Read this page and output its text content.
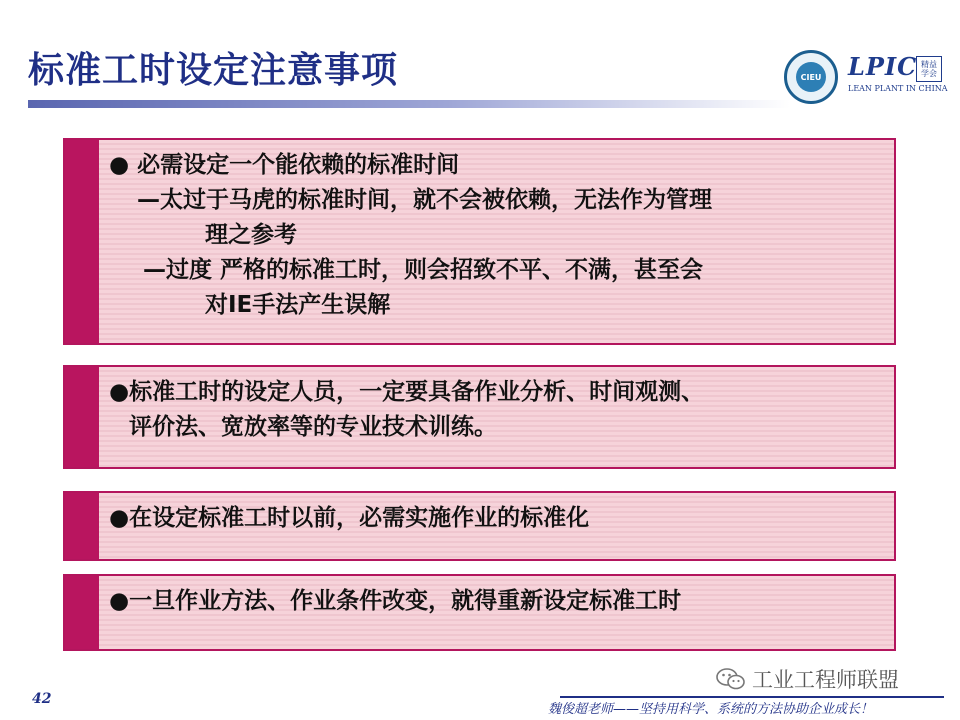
标准工时设定注意事项	CIEU LPIC 精益 学会
LEAN PLANT IN CHINA
● 必需设定一个能依赖的标准时间
—太过于马虎的标准时间，就不会被依赖，无法作为管理
理之参考
—过度 严格的标准工时，则会招致不平、不满，甚至会
对IE手法产生误解
●标准工时的设定人员，一定要具备作业分析、时间观测、
评价法、宽放率等的专业技术训练。
●在设定标准工时以前，必需实施作业的标准化
●一旦作业方法、作业条件改变，就得重新设定标准工时
42
工业工程师联盟
魏俊超老师——坚持用科学、系统的方法协助企业成长！
